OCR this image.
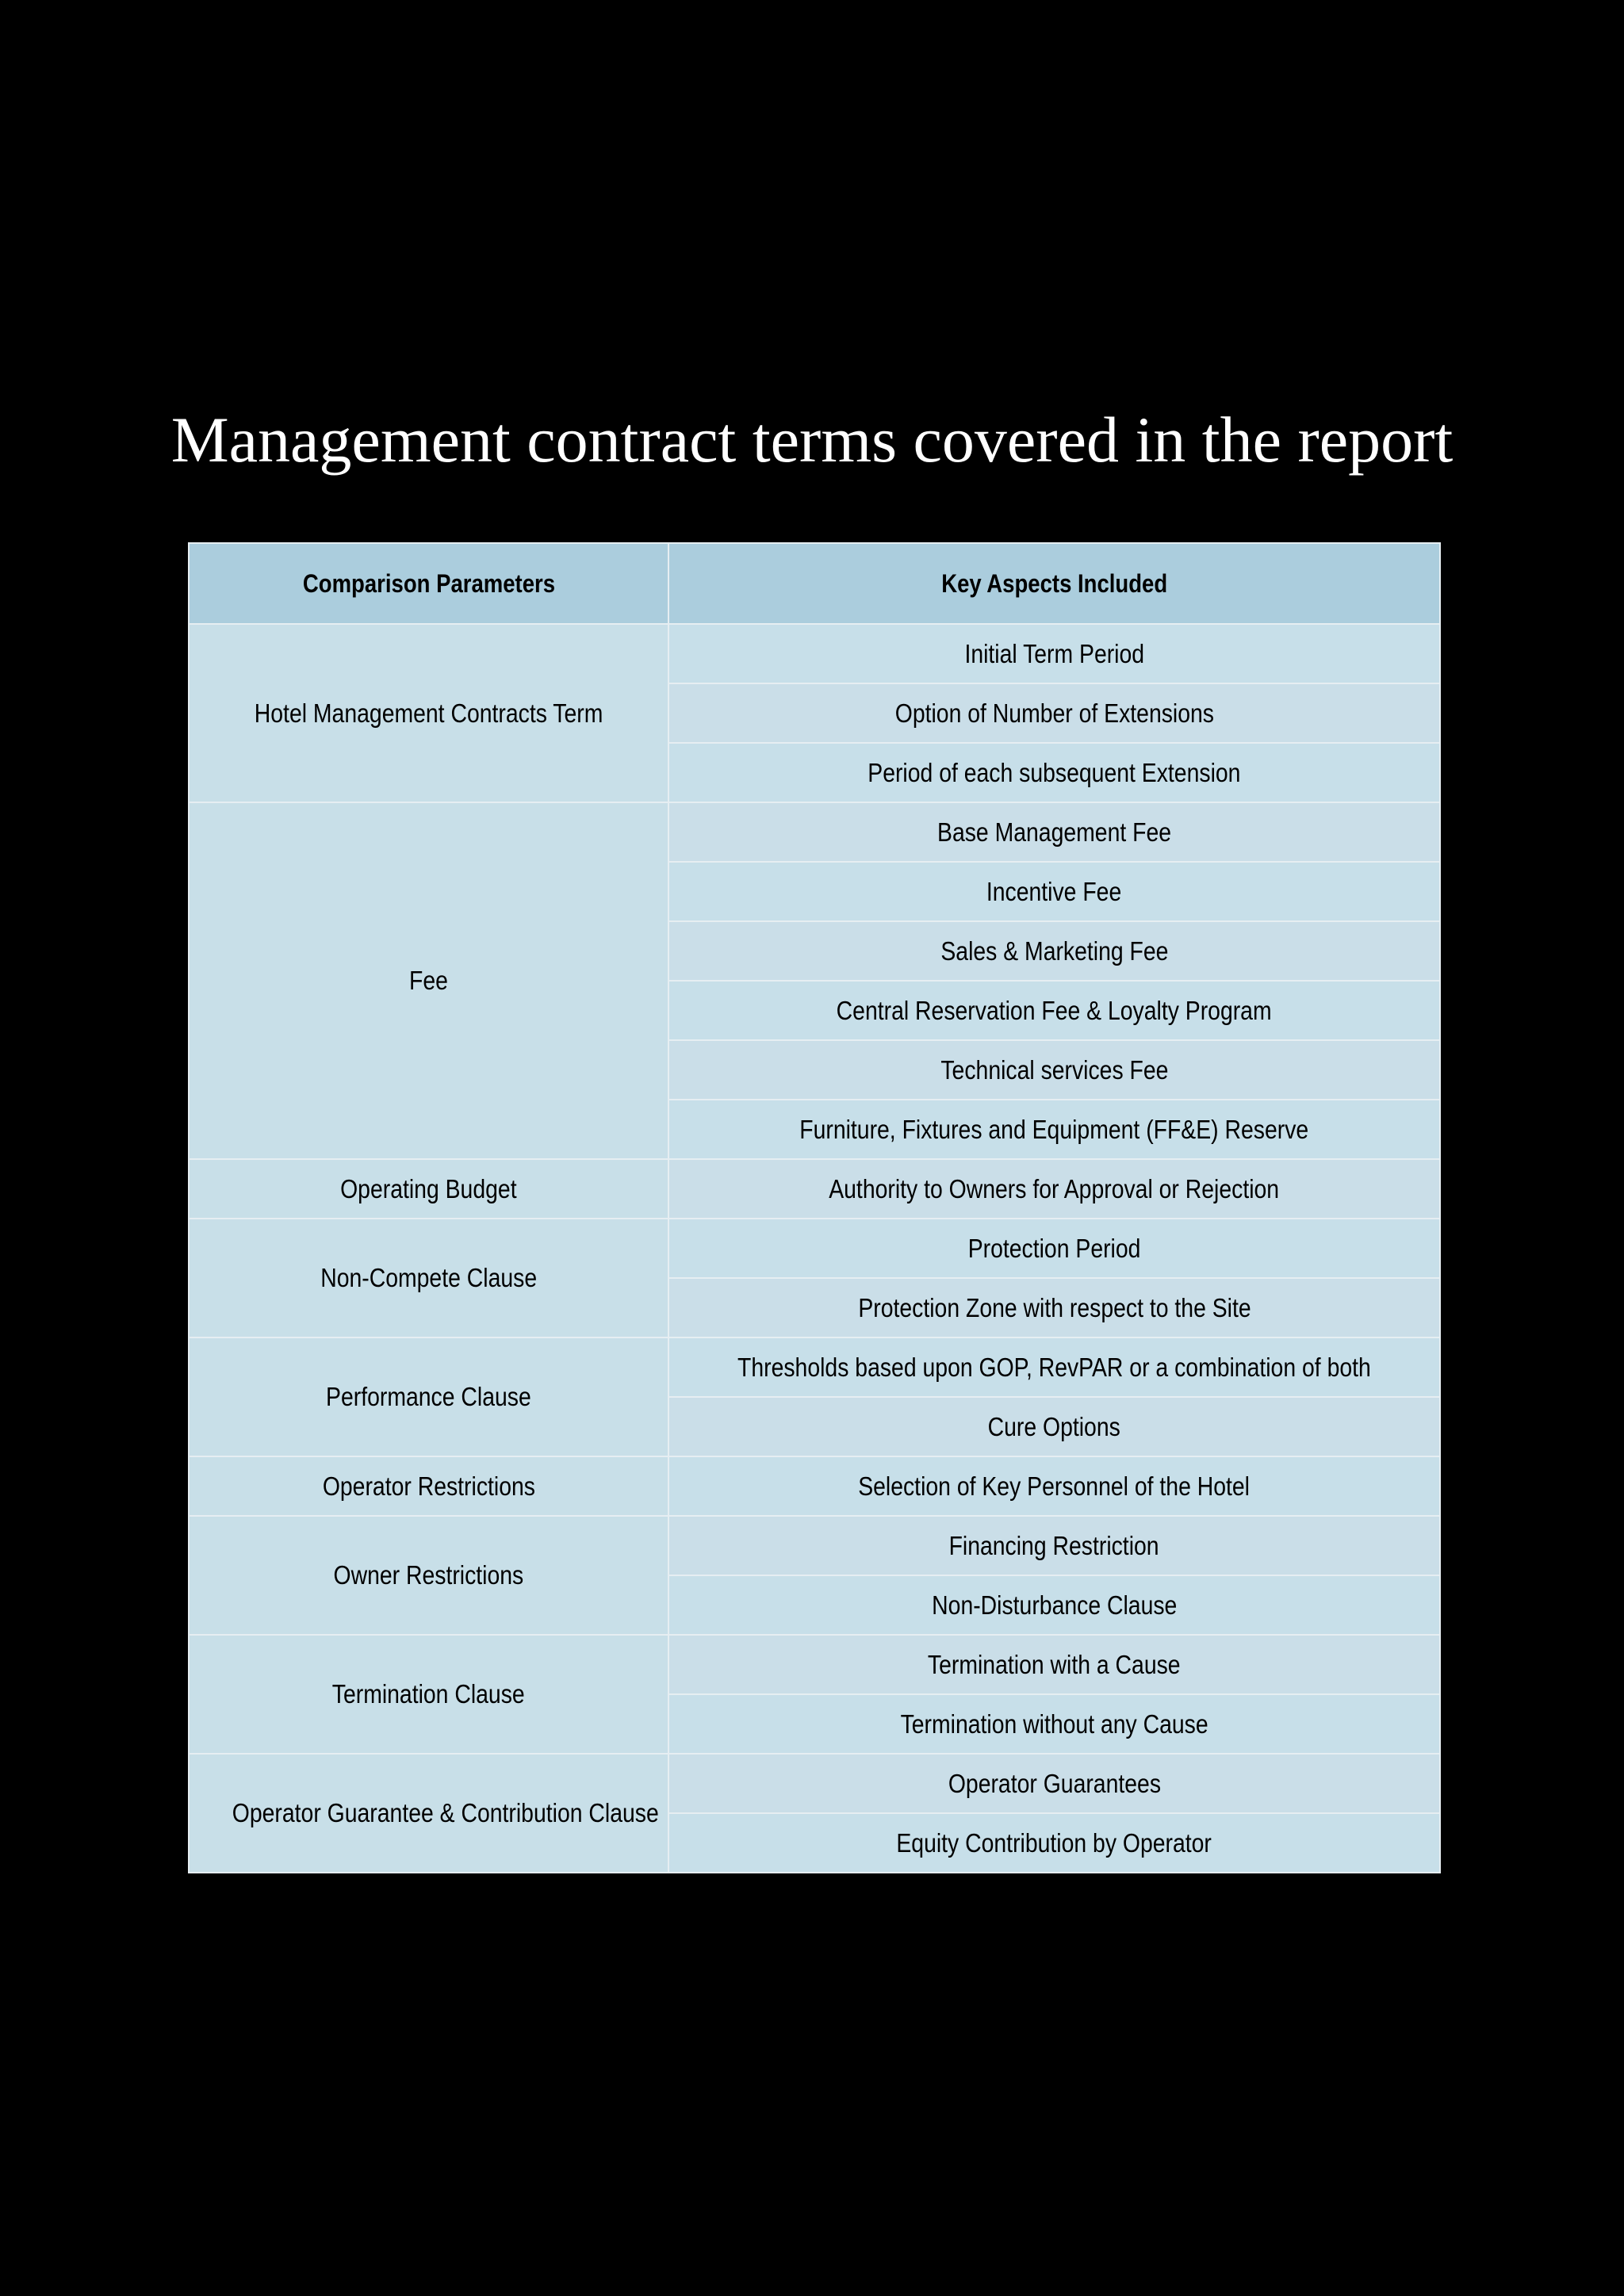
Management contract terms covered in the report
Comparison Parameters	Key Aspects Included
Hotel Management Contracts Term	Initial Term Period
	Option of Number of Extensions
	Period of each subsequent Extension
Fee	Base Management Fee
	Incentive Fee
	Sales & Marketing Fee
	Central Reservation Fee & Loyalty Program
	Technical services Fee
	Furniture, Fixtures and Equipment (FF&E) Reserve
Operating Budget	Authority to Owners for Approval or Rejection
Non-Compete Clause	Protection Period
	Protection Zone with respect to the Site
Performance Clause	Thresholds based upon GOP, RevPAR or a combination of both
	Cure Options
Operator Restrictions	Selection of Key Personnel of the Hotel
Owner Restrictions	Financing Restriction
	Non-Disturbance Clause
Termination Clause	Termination with a Cause
	Termination without any Cause
Operator Guarantee & Contribution Clause	Operator Guarantees
	Equity Contribution by Operator
